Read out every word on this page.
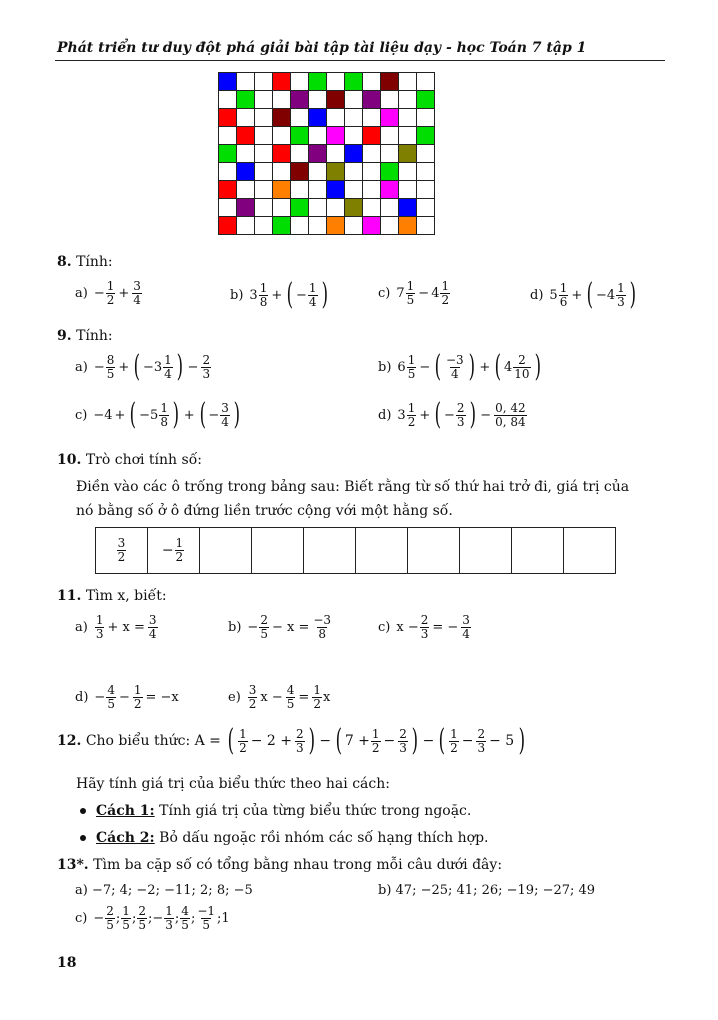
Phát triển tư duy đột phá giải bài tập tài liệu dạy - học Toán 7 tập 1

8. Tính:
$a) - \frac{1}{2} + \frac{3}{4}$	b) $3 \frac{1}{8}$ + ( − $\frac{1}{4}$ )	c) $7 \frac{1}{5} - 4 \frac{1}{2}$	d) $5 \frac{1}{6}$ + ( $-4 \frac{1}{3}$ )
9. Tính:
$a) - \frac{8}{5}$ + ( $-3 \frac{1}{4}$ ) − $\frac{2}{3}$	b) $6 \frac{1}{5}$ − ( $\frac{-3}{4}$ ) + ( $4 \frac{2}{10}$ )
c) −4 + ( $-5 \frac{1}{8}$ ) + ( − $\frac{3}{4}$ )	d) $3 \frac{1}{2}$ + ( − $\frac{2}{3}$ ) − $\frac{0, 42}{0, 84}$
10. Trò chơi tính số:
Điền vào các ô trống trong bảng sau: Biết rằng từ số thứ hai trở đi, giá trị của
nó bằng số ở ô đứng liền trước cộng với một hằng số.
$\frac{3}{2}$	− $\frac{1}{2}$

11. Tìm x, biết:
$a) \frac{1}{3} + x = \frac{3}{4}$	$b) - \frac{2}{5} - x = \frac{-3}{8}$	c) $x - \frac{2}{3}$ = − $\frac{3}{4}$
$d) - \frac{4}{5} - \frac{1}{2} = -x$	$e) \frac{3}{2}$ $x - \frac{4}{5} = \frac{1}{2}$ x
12.
Cho biểu thức: A =
( $\frac{1}{2} - 2 + \frac{2}{3}$ ) − ( $7 + \frac{1}{2} - \frac{2}{3}$ ) − ( $\frac{1}{2} - \frac{2}{3} - 5$ )
Hãy tính giá trị của biểu thức theo hai cách:
Cách 1: Tính giá trị của từng biểu thức trong ngoặc.
Cách 2: Bỏ dấu ngoặc rồi nhóm các số hạng thích hợp.
13*. Tìm ba cặp số có tổng bằng nhau trong mỗi câu dưới đây:
a) −7; 4; −2; −11; 2; 8; −5	b) 47; −25; 41; 26; −19; −27; 49
$c) - \frac{2}{5}$ ; $\frac{1}{5}$ ; $\frac{2}{5}$ ; − $\frac{1}{3}$ ; $\frac{4}{5}$ ; $\frac{-1}{5}$ ; 1
18
